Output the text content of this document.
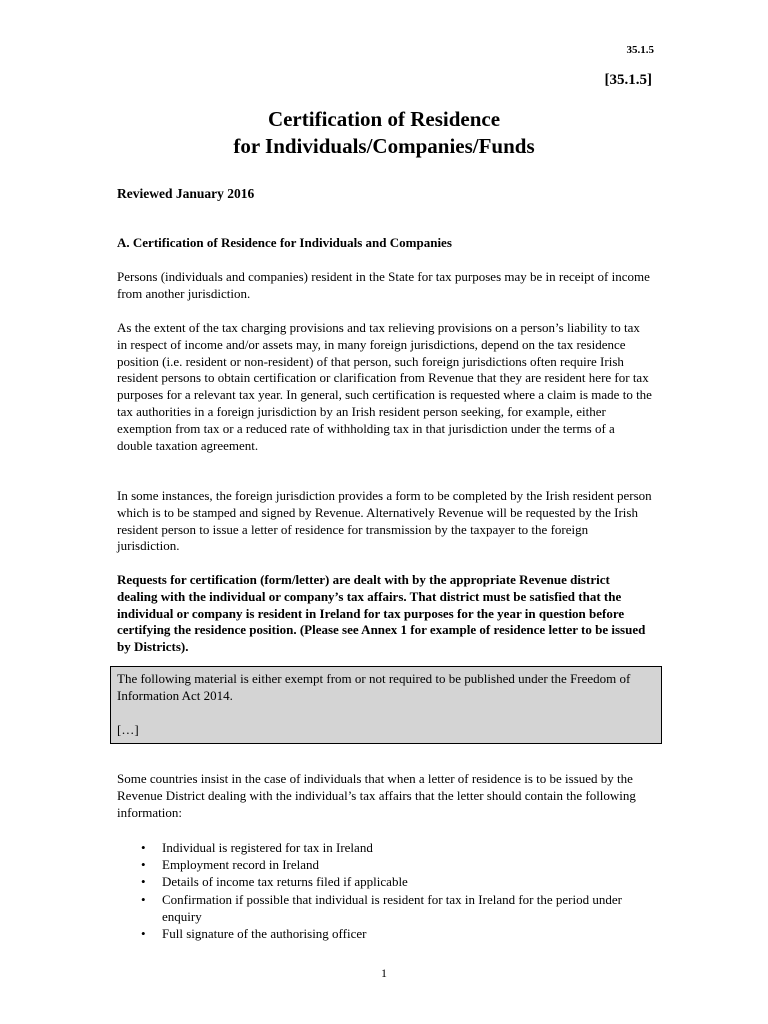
35.1.5
[35.1.5]
Certification of Residence
for Individuals/Companies/Funds
Reviewed January 2016
A. Certification of Residence for Individuals and Companies
Persons (individuals and companies) resident in the State for tax purposes may be in receipt of income from another jurisdiction.
As the extent of the tax charging provisions and tax relieving provisions on a person’s liability to tax in respect of income and/or assets may, in many foreign jurisdictions, depend on the tax residence position (i.e. resident or non-resident) of that person, such foreign jurisdictions often require Irish resident persons to obtain certification or clarification from Revenue that they are resident here for tax purposes for a relevant tax year. In general, such certification is requested where a claim is made to the tax authorities in a foreign jurisdiction by an Irish resident person seeking, for example, either exemption from tax or a reduced rate of withholding tax in that jurisdiction under the terms of a double taxation agreement.
In some instances, the foreign jurisdiction provides a form to be completed by the Irish resident person which is to be stamped and signed by Revenue. Alternatively Revenue will be requested by the Irish resident person to issue a letter of residence for transmission by the taxpayer to the foreign jurisdiction.
Requests for certification (form/letter) are dealt with by the appropriate Revenue district dealing with the individual or company’s tax affairs. That district must be satisfied that the individual or company is resident in Ireland for tax purposes for the year in question before certifying the residence position. (Please see Annex 1 for example of residence letter to be issued by Districts).
The following material is either exempt from or not required to be published under the Freedom of Information Act 2014.
[…]
Some countries insist in the case of individuals that when a letter of residence is to be issued by the Revenue District dealing with the individual’s tax affairs that the letter should contain the following information:
• Individual is registered for tax in Ireland
• Employment record in Ireland
• Details of income tax returns filed if applicable
• Confirmation if possible that individual is resident for tax in Ireland for the period under enquiry
• Full signature of the authorising officer
1
